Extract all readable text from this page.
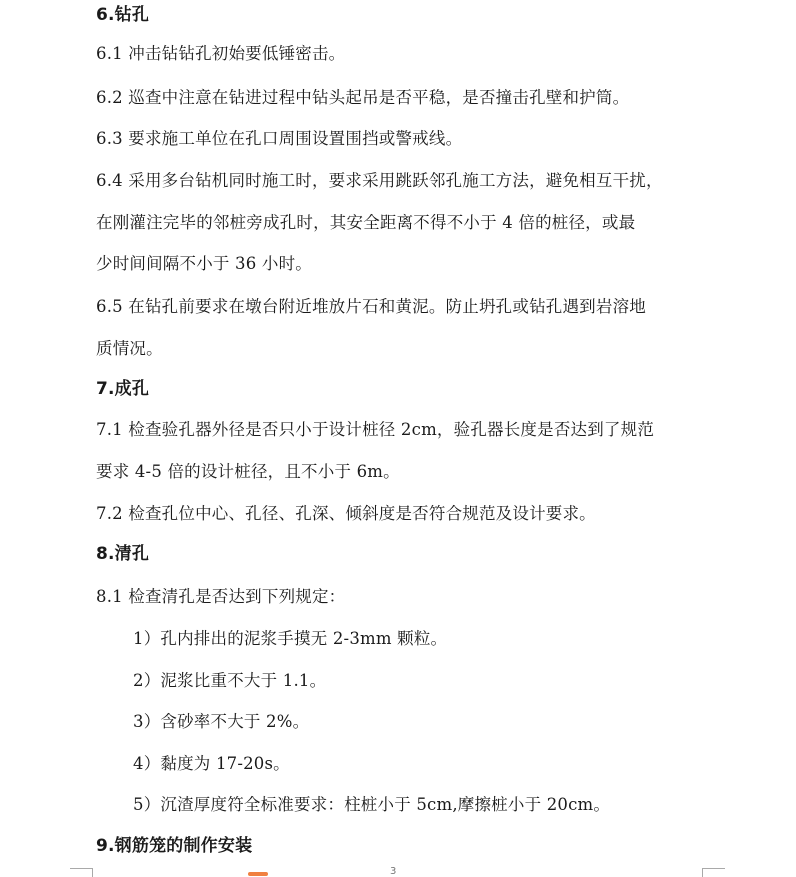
6.钻孔
6.1 冲击钻钻孔初始要低锤密击。
6.2 巡查中注意在钻进过程中钻头起吊是否平稳，是否撞击孔壁和护筒。
6.3 要求施工单位在孔口周围设置围挡或警戒线。
6.4 采用多台钻机同时施工时，要求采用跳跃邻孔施工方法，避免相互干扰，
在刚灌注完毕的邻桩旁成孔时，其安全距离不得不小于 4 倍的桩径，或最
少时间间隔不小于 36 小时。
6.5 在钻孔前要求在墩台附近堆放片石和黄泥。防止坍孔或钻孔遇到岩溶地
质情况。
7.成孔
7.1 检查验孔器外径是否只小于设计桩径 2cm，验孔器长度是否达到了规范
要求 4-5 倍的设计桩径，且不小于 6m。
7.2 检查孔位中心、孔径、孔深、倾斜度是否符合规范及设计要求。
8.清孔
8.1 检查清孔是否达到下列规定：
1）孔内排出的泥浆手摸无 2-3mm 颗粒。
2）泥浆比重不大于 1.1。
3）含砂率不大于 2%。
4）黏度为 17-20s。
5）沉渣厚度符全标准要求：柱桩小于 5cm,摩擦桩小于 20cm。
9.钢筋笼的制作安装
3
